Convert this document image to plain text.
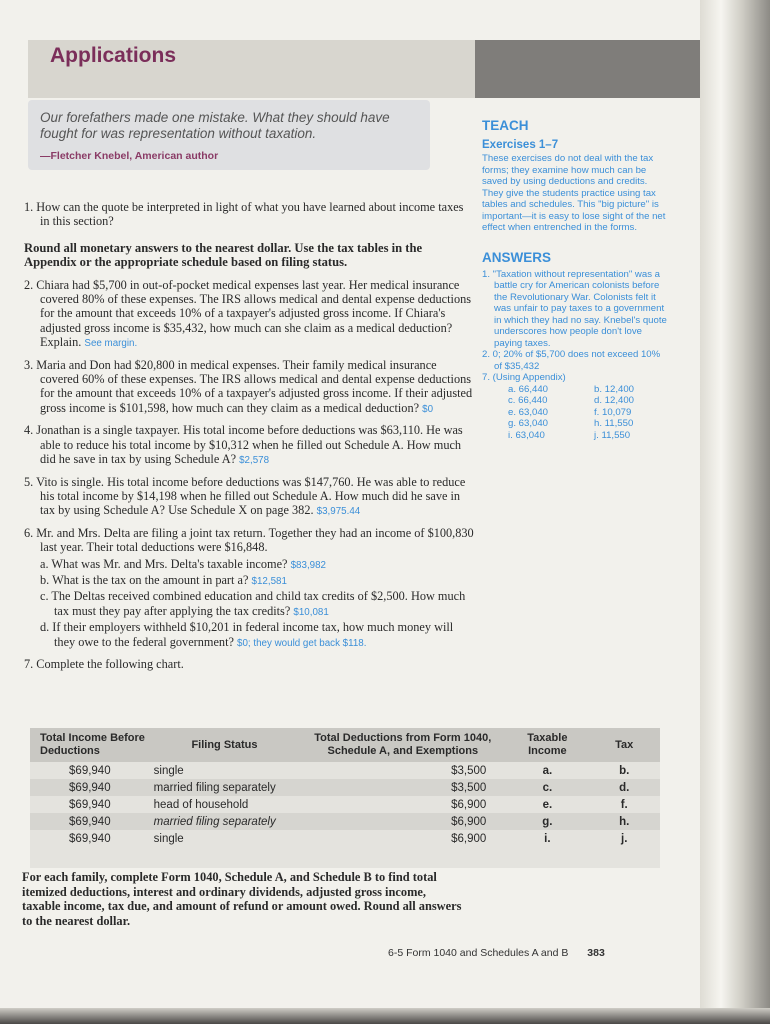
Applications

Our forefathers made one mistake. What they should have fought for was representation without taxation.

—Fletcher Knebel, American author

1. How can the quote be interpreted in light of what you have learned about income taxes in this section?

Round all monetary answers to the nearest dollar. Use the tax tables in the Appendix or the appropriate schedule based on filing status.

2. Chiara had $5,700 in out-of-pocket medical expenses last year. Her medical insurance covered 80% of these expenses. The IRS allows medical and dental expense deductions for the amount that exceeds 10% of a taxpayer's adjusted gross income. If Chiara's adjusted gross income is $35,432, how much can she claim as a medical deduction? Explain. See margin.

3. Maria and Don had $20,800 in medical expenses. Their family medical insurance covered 60% of these expenses. The IRS allows medical and dental expense deductions for the amount that exceeds 10% of a taxpayer's adjusted gross income. If their adjusted gross income is $101,598, how much can they claim as a medical deduction? $0

4. Jonathan is a single taxpayer. His total income before deductions was $63,110. He was able to reduce his total income by $10,312 when he filled out Schedule A. How much did he save in tax by using Schedule A? $2,578

5. Vito is single. His total income before deductions was $147,760. He was able to reduce his total income by $14,198 when he filled out Schedule A. How much did he save in tax by using Schedule A? Use Schedule X on page 382. $3,975.44

6. Mr. and Mrs. Delta are filing a joint tax return. Together they had an income of $100,830 last year. Their total deductions were $16,848.

a. What was Mr. and Mrs. Delta's taxable income? $83,982

b. What is the tax on the amount in part a? $12,581

c. The Deltas received combined education and child tax credits of $2,500. How much tax must they pay after applying the tax credits? $10,081

d. If their employers withheld $10,201 in federal income tax, how much money will they owe to the federal government? $0; they would get back $118.

7. Complete the following chart.

TEACH

Exercises 1–7

These exercises do not deal with the tax forms; they examine how much can be saved by using deductions and credits. They give the students practice using tax tables and schedules. This "big picture" is important—it is easy to lose sight of the net effect when entrenched in the forms.

ANSWERS

1. "Taxation without representation" was a battle cry for American colonists before the Revolutionary War. Colonists felt it was unfair to pay taxes to a government in which they had no say. Knebel's quote underscores how people don't love paying taxes.

2. 0; 20% of $5,700 does not exceed 10% of $35,432

7. (Using Appendix)

a. 66,440	b. 12,400
c. 66,440	d. 12,400
e. 63,040	f. 10,079
g. 63,040	h. 11,550
i. 63,040	j. 11,550
Total Income Before Deductions	Filing Status	Total Deductions from Form 1040, Schedule A, and Exemptions	Taxable Income	Tax
$69,940	single	$3,500	a.	b.
$69,940	married filing separately	$3,500	c.	d.
$69,940	head of household	$6,900	e.	f.
$69,940	married filing separately	$6,900	g.	h.
$69,940	single	$6,900	i.	j.

For each family, complete Form 1040, Schedule A, and Schedule B to find total itemized deductions, interest and ordinary dividends, adjusted gross income, taxable income, tax due, and amount of refund or amount owed. Round all answers to the nearest dollar.

6-5 Form 1040 and Schedules A and B 383
